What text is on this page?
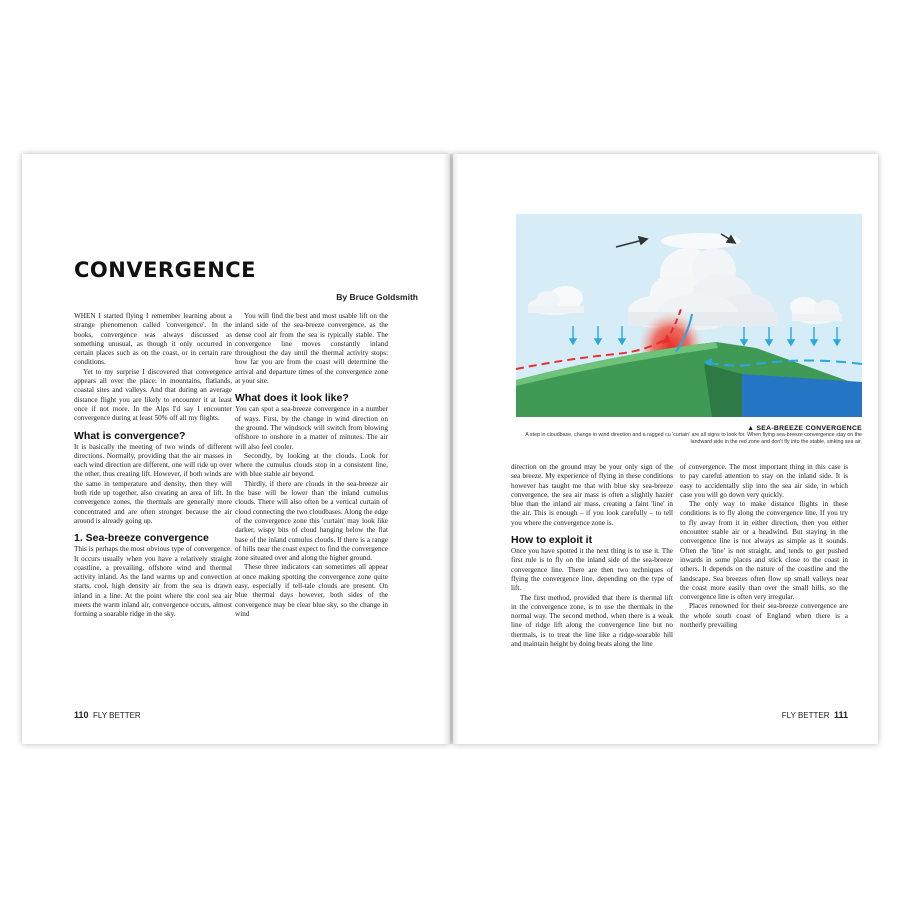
CONVERGENCE
By Bruce Goldsmith

WHEN I started flying I remember learning about a strange phenomenon called 'convergence'. In the books, convergence was always discussed as something unusual, as though it only occurred in certain places such as on the coast, or in certain rare conditions.

Yet to my surprise I discovered that convergence appears all over the place: in mountains, flatlands, coastal sites and valleys. And that during an average distance flight you are likely to encounter it at least once if not more. In the Alps I'd say I encounter convergence during at least 50% off all my flights.

What is convergence?

It is basically the meeting of two winds of different directions. Normally, providing that the air masses in each wind direction are different, one will ride up over the other, thus creating lift. However, if both winds are the same in temperature and density, then they will both ride up together, also creating an area of lift. In convergence zones, the thermals are generally more concentrated and are often stronger because the air around is already going up.

1. Sea-breeze convergence

This is perhaps the most obvious type of convergence. It occurs usually when you have a relatively straight coastline, a prevailing, offshore wind and thermal activity inland. As the land warms up and convection starts, cool, high density air from the sea is drawn inland in a line. At the point where the cool sea air meets the warm inland air, convergence occurs, almost forming a soarable ridge in the sky.

You will find the best and most usable lift on the inland side of the sea-breeze convergence, as the dense cool air from the sea is typically stable. The convergence line moves constantly inland throughout the day until the thermal activity stops: how far you are from the coast will determine the arrival and departure times of the convergence zone at your site.

What does it look like?

You can spot a sea-breeze convergence in a number of ways. First, by the change in wind direction on the ground. The windsock will switch from blowing offshore to onshore in a matter of minutes. The air will also feel cooler.

Secondly, by looking at the clouds. Look for where the cumulus clouds stop in a consistent line, with blue stable air beyond.

Thirdly, if there are clouds in the sea-breeze air the base will be lower than the inland cumulus clouds. There will also often be a vertical curtain of cloud connecting the two cloudbases. Along the edge of the convergence zone this 'curtain' may look like darker, wispy bits of cloud hanging below the flat base of the inland cumulus clouds. If there is a range of hills near the coast expect to find the convergence zone situated over and along the higher ground.

These three indicators can sometimes all appear at once making spotting the convergence zone quite easy, especially if tell-tale clouds are present. On blue thermal days however, both sides of the convergence may be clear blue sky, so the change in wind

110 FLY BETTER
▲ SEA-BREEZE CONVERGENCE
A step in cloudbase, change in wind direction and a ragged cu 'curtain' are all signs to look for. When flying sea-breeze convergence stay on the landward side in the red zone and don't fly into the stable, sinking sea air.

direction on the ground may be your only sign of the sea breeze. My experience of flying in these conditions however has taught me that with blue sky sea-breeze convergence, the sea air mass is often a slightly hazier blue than the inland air mass, creating a faint 'line' in the air. This is enough – if you look carefully – to tell you where the convergence zone is.

How to exploit it

Once you have spotted it the next thing is to use it. The first rule is to fly on the inland side of the sea-breeze convergence line. There are then two techniques of flying the convergence line, depending on the type of lift.

The first method, provided that there is thermal lift in the convergence zone, is to use the thermals in the normal way. The second method, when there is a weak line of ridge lift along the convergence line but no thermals, is to treat the line like a ridge-soarable hill and maintain height by doing beats along the line

of convergence. The most important thing in this case is to pay careful attention to stay on the inland side. It is easy to accidentally slip into the sea air side, in which case you will go down very quickly.

The only way to make distance flights in these conditions is to fly along the convergence line. If you try to fly away from it in either direction, then you either encounter stable air or a headwind. But staying in the convergence line is not always as simple as it sounds. Often the 'line' is not straight, and tends to get pushed inwards in some places and stick close to the coast in others. It depends on the nature of the coastline and the landscape. Sea breezes often flow up small valleys near the coast more easily than over the small hills, so the convergence line is often very irregular.

Places renowned for their sea-breeze convergence are the whole south coast of England when there is a northerly prevailing

FLY BETTER 111
